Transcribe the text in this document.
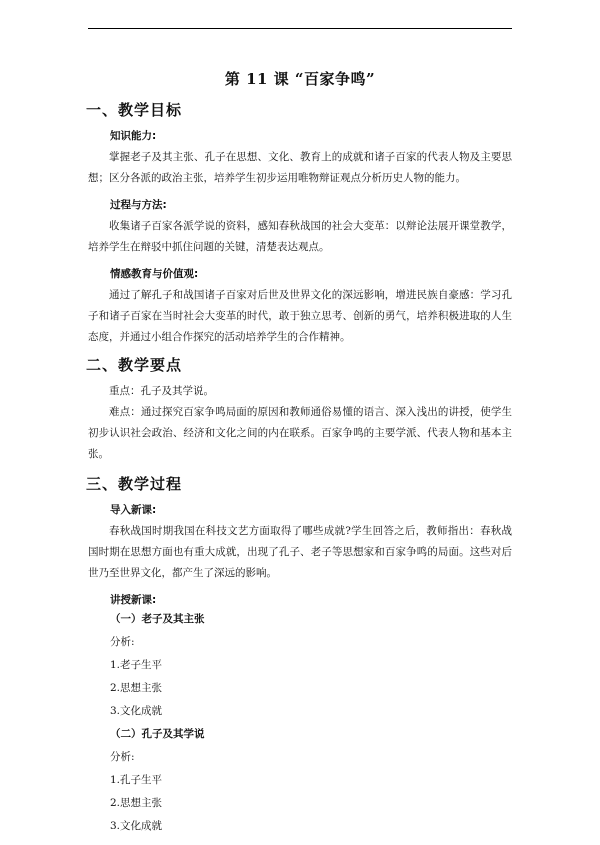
第 11 课 “百家争鸣”
一、教学目标
知识能力:

掌握老子及其主张、孔子在思想、文化、教育上的成就和诸子百家的代表人物及主要思想；区分各派的政治主张，培养学生初步运用唯物辩证观点分析历史人物的能力。

过程与方法:

收集诸子百家各派学说的资料，感知春秋战国的社会大变革：以辩论法展开课堂教学，培养学生在辩驳中抓住问题的关键，清楚表达观点。

情感教育与价值观:

通过了解孔子和战国诸子百家对后世及世界文化的深远影响，增进民族自豪感：学习孔子和诸子百家在当时社会大变革的时代，敢于独立思考、创新的勇气，培养积极进取的人生态度，并通过小组合作探究的活动培养学生的合作精神。

二、教学要点

重点：孔子及其学说。

难点：通过探究百家争鸣局面的原因和教师通俗易懂的语言、深入浅出的讲授，使学生初步认识社会政治、经济和文化之间的内在联系。百家争鸣的主要学派、代表人物和基本主张。

三、教学过程
导入新课:

春秋战国时期我国在科技文艺方面取得了哪些成就?学生回答之后，教师指出：春秋战国时期在思想方面也有重大成就，出现了孔子、老子等思想家和百家争鸣的局面。这些对后世乃至世界文化，都产生了深远的影响。

讲授新课:
（一）老子及其主张
分析:
1.老子生平
2.思想主张
3.文化成就
（二）孔子及其学说
分析:
1.孔子生平
2.思想主张
3.文化成就
